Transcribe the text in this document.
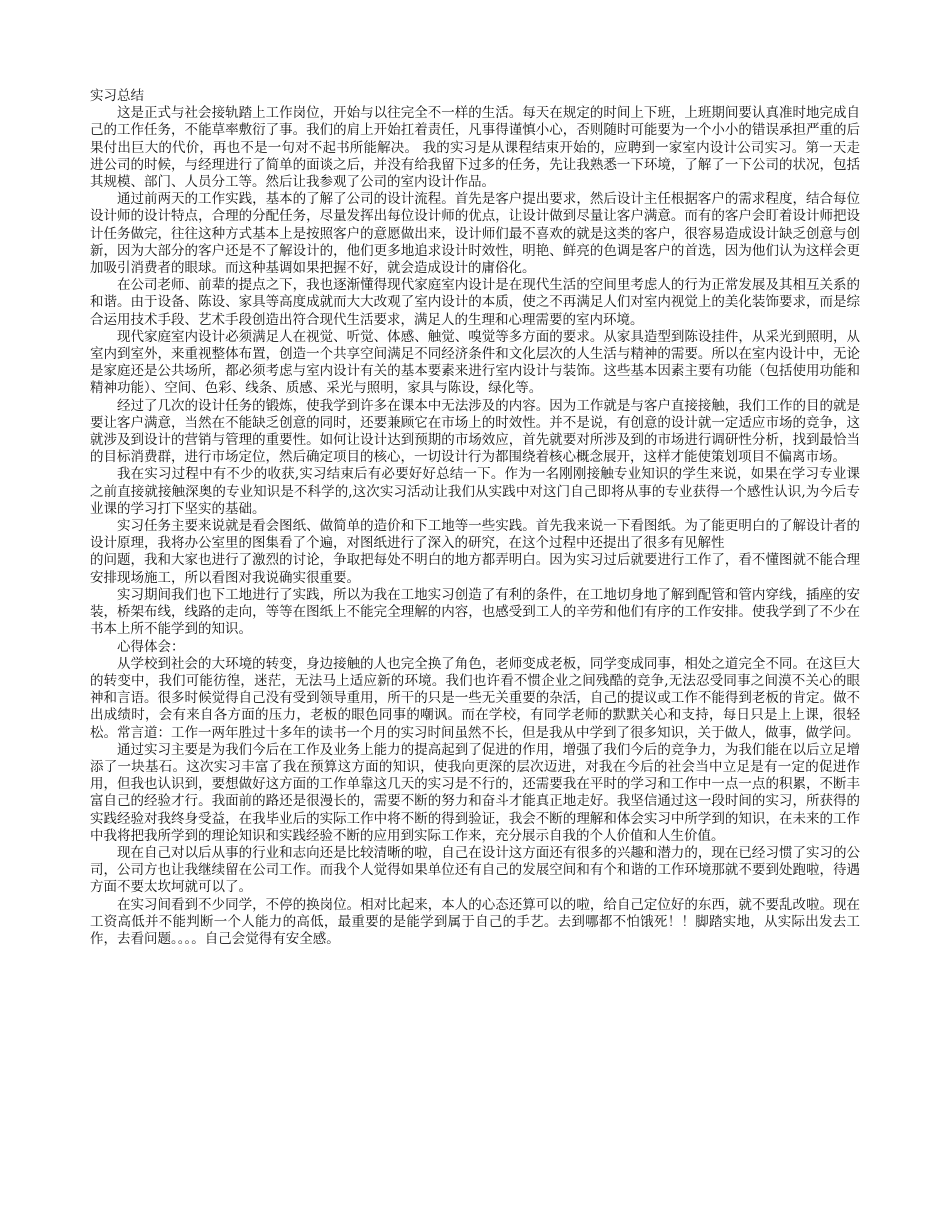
实习总结

这是正式与社会接轨踏上工作岗位，开始与以往完全不一样的生活。每天在规定的时间上下班，上班期间要认真准时地完成自己的工作任务，不能草率敷衍了事。我们的肩上开始扛着责任，凡事得谨慎小心，否则随时可能要为一个小小的错误承担严重的后果付出巨大的代价，再也不是一句对不起书所能解决。 我的实习是从课程结束开始的，应聘到一家室内设计公司实习。第一天走进公司的时候，与经理进行了简单的面谈之后，并没有给我留下过多的任务，先让我熟悉一下环境，了解了一下公司的状况，包括其规模、部门、人员分工等。然后让我参观了公司的室内设计作品。

通过前两天的工作实践，基本的了解了公司的设计流程。首先是客户提出要求，然后设计主任根据客户的需求程度，结合每位设计师的设计特点，合理的分配任务，尽量发挥出每位设计师的优点，让设计做到尽量让客户满意。而有的客户会盯着设计师把设计任务做完，往往这种方式基本上是按照客户的意愿做出来，设计师们最不喜欢的就是这类的客户，很容易造成设计缺乏创意与创新，因为大部分的客户还是不了解设计的，他们更多地追求设计时效性，明艳、鲜亮的色调是客户的首选，因为他们认为这样会更加吸引消费者的眼球。而这种基调如果把握不好，就会造成设计的庸俗化。

在公司老师、前辈的提点之下，我也逐渐懂得现代家庭室内设计是在现代生活的空间里考虑人的行为正常发展及其相互关系的和谐。由于设备、陈设、家具等高度成就而大大改观了室内设计的本质，使之不再满足人们对室内视觉上的美化装饰要求，而是综合运用技术手段、艺术手段创造出符合现代生活要求，满足人的生理和心理需要的室内环境。

现代家庭室内设计必须满足人在视觉、听觉、体感、触觉、嗅觉等多方面的要求。从家具造型到陈设挂件，从采光到照明，从室内到室外，来重视整体布置，创造一个共享空间满足不同经济条件和文化层次的人生活与精神的需要。所以在室内设计中，无论是家庭还是公共场所，都必须考虑与室内设计有关的基本要素来进行室内设计与装饰。这些基本因素主要有功能（包括使用功能和精神功能）、空间、色彩、线条、质感、采光与照明，家具与陈设，绿化等。

经过了几次的设计任务的锻炼，使我学到许多在课本中无法涉及的内容。因为工作就是与客户直接接触，我们工作的目的就是要让客户满意，当然在不能缺乏创意的同时，还要兼顾它在市场上的时效性。并不是说，有创意的设计就一定适应市场的竞争，这就涉及到设计的营销与管理的重要性。如何让设计达到预期的市场效应，首先就要对所涉及到的市场进行调研性分析，找到最恰当的目标消费群，进行市场定位，然后确定项目的核心，一切设计行为都围绕着核心概念展开，这样才能使策划项目不偏离市场。

我在实习过程中有不少的收获,实习结束后有必要好好总结一下。作为一名刚刚接触专业知识的学生来说，如果在学习专业课之前直接就接触深奥的专业知识是不科学的,这次实习活动让我们从实践中对这门自己即将从事的专业获得一个感性认识,为今后专业课的学习打下坚实的基础。

实习任务主要来说就是看会图纸、做简单的造价和下工地等一些实践。首先我来说一下看图纸。为了能更明白的了解设计者的设计原理，我将办公室里的图集看了个遍，对图纸进行了深入的研究，在这个过程中还提出了很多有见解性

的问题，我和大家也进行了激烈的讨论，争取把每处不明白的地方都弄明白。因为实习过后就要进行工作了，看不懂图就不能合理安排现场施工，所以看图对我说确实很重要。

实习期间我们也下工地进行了实践，所以为我在工地实习创造了有利的条件，在工地切身地了解到配管和管内穿线，插座的安装，桥架布线，线路的走向，等等在图纸上不能完全理解的内容，也感受到工人的辛劳和他们有序的工作安排。使我学到了不少在书本上所不能学到的知识。

心得体会：

从学校到社会的大环境的转变，身边接触的人也完全换了角色，老师变成老板，同学变成同事，相处之道完全不同。在这巨大的转变中，我们可能彷徨，迷茫，无法马上适应新的环境。我们也许看不惯企业之间残酷的竞争,无法忍受同事之间漠不关心的眼神和言语。很多时候觉得自己没有受到领导重用，所干的只是一些无关重要的杂活，自己的提议或工作不能得到老板的肯定。做不出成绩时，会有来自各方面的压力，老板的眼色同事的嘲讽。而在学校，有同学老师的默默关心和支持，每日只是上上课，很轻松。常言道：工作一两年胜过十多年的读书一个月的实习时间虽然不长，但是我从中学到了很多知识，关于做人，做事，做学问。

通过实习主要是为我们今后在工作及业务上能力的提高起到了促进的作用，增强了我们今后的竞争力，为我们能在以后立足增添了一块基石。这次实习丰富了我在预算这方面的知识，使我向更深的层次迈进，对我在今后的社会当中立足是有一定的促进作用，但我也认识到，要想做好这方面的工作单靠这几天的实习是不行的，还需要我在平时的学习和工作中一点一点的积累，不断丰富自己的经验才行。我面前的路还是很漫长的，需要不断的努力和奋斗才能真正地走好。我坚信通过这一段时间的实习，所获得的实践经验对我终身受益，在我毕业后的实际工作中将不断的得到验证，我会不断的理解和体会实习中所学到的知识，在未来的工作中我将把我所学到的理论知识和实践经验不断的应用到实际工作来，充分展示自我的个人价值和人生价值。

现在自己对以后从事的行业和志向还是比较清晰的啦，自己在设计这方面还有很多的兴趣和潜力的，现在已经习惯了实习的公司，公司方也让我继续留在公司工作。而我个人觉得如果单位还有自己的发展空间和有个和谐的工作环境那就不要到处跑啦，待遇方面不要太坎坷就可以了。

在实习间看到不少同学，不停的换岗位。相对比起来，本人的心态还算可以的啦，给自己定位好的东西，就不要乱改啦。现在工资高低并不能判断一个人能力的高低，最重要的是能学到属于自己的手艺。去到哪都不怕饿死！！脚踏实地，从实际出发去工作，去看问题。。。。自己会觉得有安全感。
